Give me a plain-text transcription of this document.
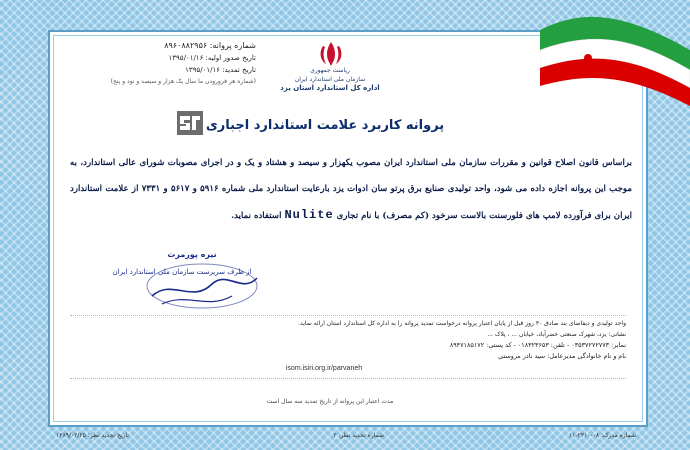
ریاست جمهوری
سازمان ملی استاندارد ایران
اداره کل استاندارد استان یزد
شماره پروانه: ۸۹۶۰۸۸۲۹۵۶
تاریخ صدور اولیه: ۱۳۹۵/۰۱/۱۶
تاریخ تمدید: ۱۳۹۵/۰۱/۱۶
(شماره هر فرورودن ما سال یک هزار و سیصد و نود و پنج)
پروانه کاربرد علامت استاندارد اجباری
براساس قانون اصلاح قوانین و مقررات سازمان ملی استاندارد ایران مصوب یکهزار و سیصد و هشتاد و یک و در اجرای مصوبات شورای عالی استاندارد، به موجب این پروانه اجازه داده می شود، واحد تولیدی صنایع برق پرتو سان ادوات یزد بارعایت استاندارد ملی شماره ۵۹۱۶ و ۵۶۱۷ و ۷۳۳۱ از علامت استاندارد ایران برای فرآورده لامپ های فلورسنت بالاست سرخود (کم مصرف) با نام تجاری Nulite استفاده نماید.
نیره پورمرت
از طرف سرپرست سازمان ملی استاندارد ایران
واحد تولیدی و دیفاضای بند صادق ۳۰ روز قبل از پایان اعتبار پروانه درخواست تمدید پروانه را به اداره کل استاندارد استان ارائه نماید.
نشانی: یزد، شهرک صنعتی خضرآباد، خیابان ... ، پلاک ...
نمابر: ۰۳۵۳۷۲۷۲۷۷۳ - تلفن: ۰۱۸۳۲۳۶۵۳ - کد پستی: ۸۹۴۷۱۸۵۱۷۲
نام و نام خانوادگی مدیرعامل: سید نادر مروستی
isom.isiri.org.ir/parvaneh
مدت اعتبار این پروانه از تاریخ تمدید سه سال است
شماره مدرک: ۰۸-۲۳۱۰-۱۱
شماره تجدید نظر: ۲
تاریخ تجدید نظر: ۱۳۸۹/۰۲/۲۵
